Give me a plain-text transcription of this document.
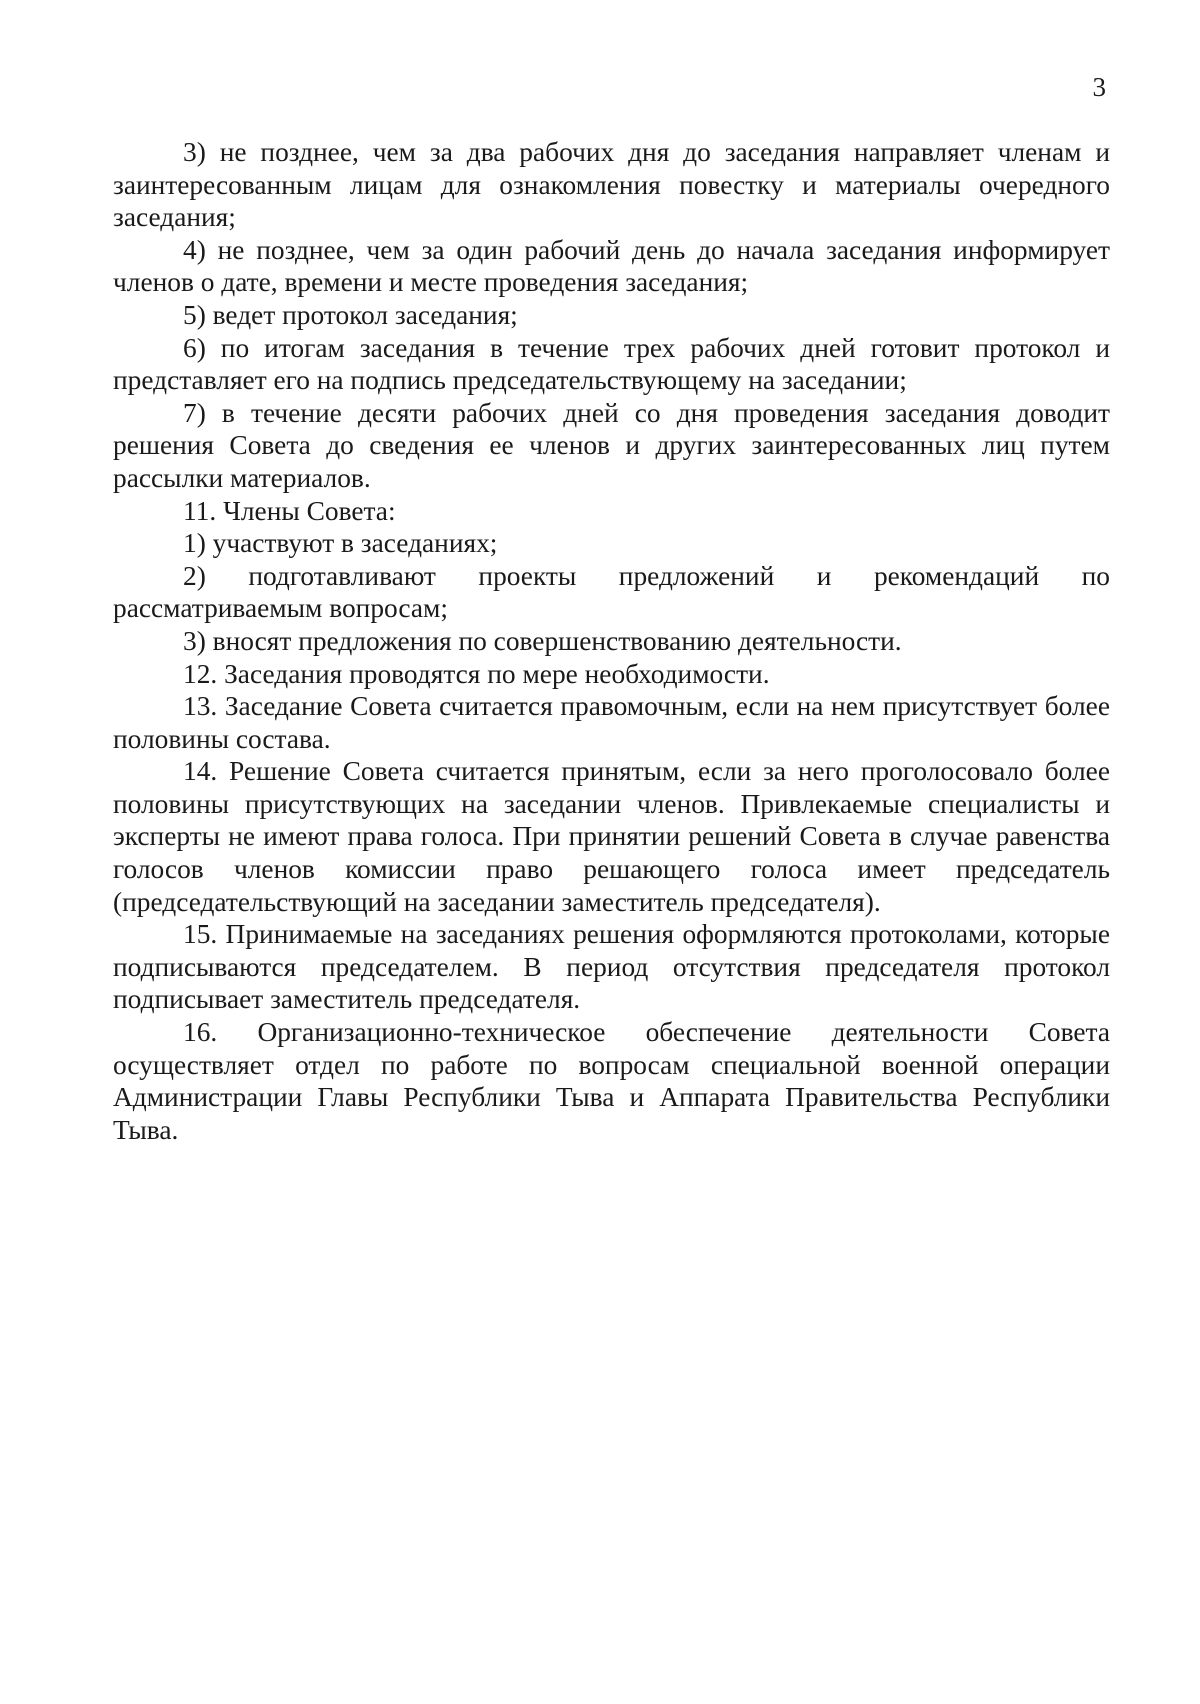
3

3) не позднее, чем за два рабочих дня до заседания направляет членам и заинтересованным лицам для ознакомления повестку и материалы очередного заседания;

4) не позднее, чем за один рабочий день до начала заседания информирует членов о дате, времени и месте проведения заседания;

5) ведет протокол заседания;

6) по итогам заседания в течение трех рабочих дней готовит протокол и представляет его на подпись председательствующему на заседании;

7) в течение десяти рабочих дней со дня проведения заседания доводит решения Совета до сведения ее членов и других заинтересованных лиц путем рассылки материалов.

11. Члены Совета:

1) участвуют в заседаниях;

2) подготавливают проекты предложений и рекомендаций по рассматриваемым вопросам;

3) вносят предложения по совершенствованию деятельности.

12. Заседания проводятся по мере необходимости.

13. Заседание Совета считается правомочным, если на нем присутствует более половины состава.

14. Решение Совета считается принятым, если за него проголосовало более половины присутствующих на заседании членов. Привлекаемые специалисты и эксперты не имеют права голоса. При принятии решений Совета в случае равенства голосов членов комиссии право решающего голоса имеет председатель (председательствующий на заседании заместитель председателя).

15. Принимаемые на заседаниях решения оформляются протоколами, которые подписываются председателем. В период отсутствия председателя протокол подписывает заместитель председателя.

16. Организационно-техническое обеспечение деятельности Совета осуществляет отдел по работе по вопросам специальной военной операции Администрации Главы Республики Тыва и Аппарата Правительства Республики Тыва.
